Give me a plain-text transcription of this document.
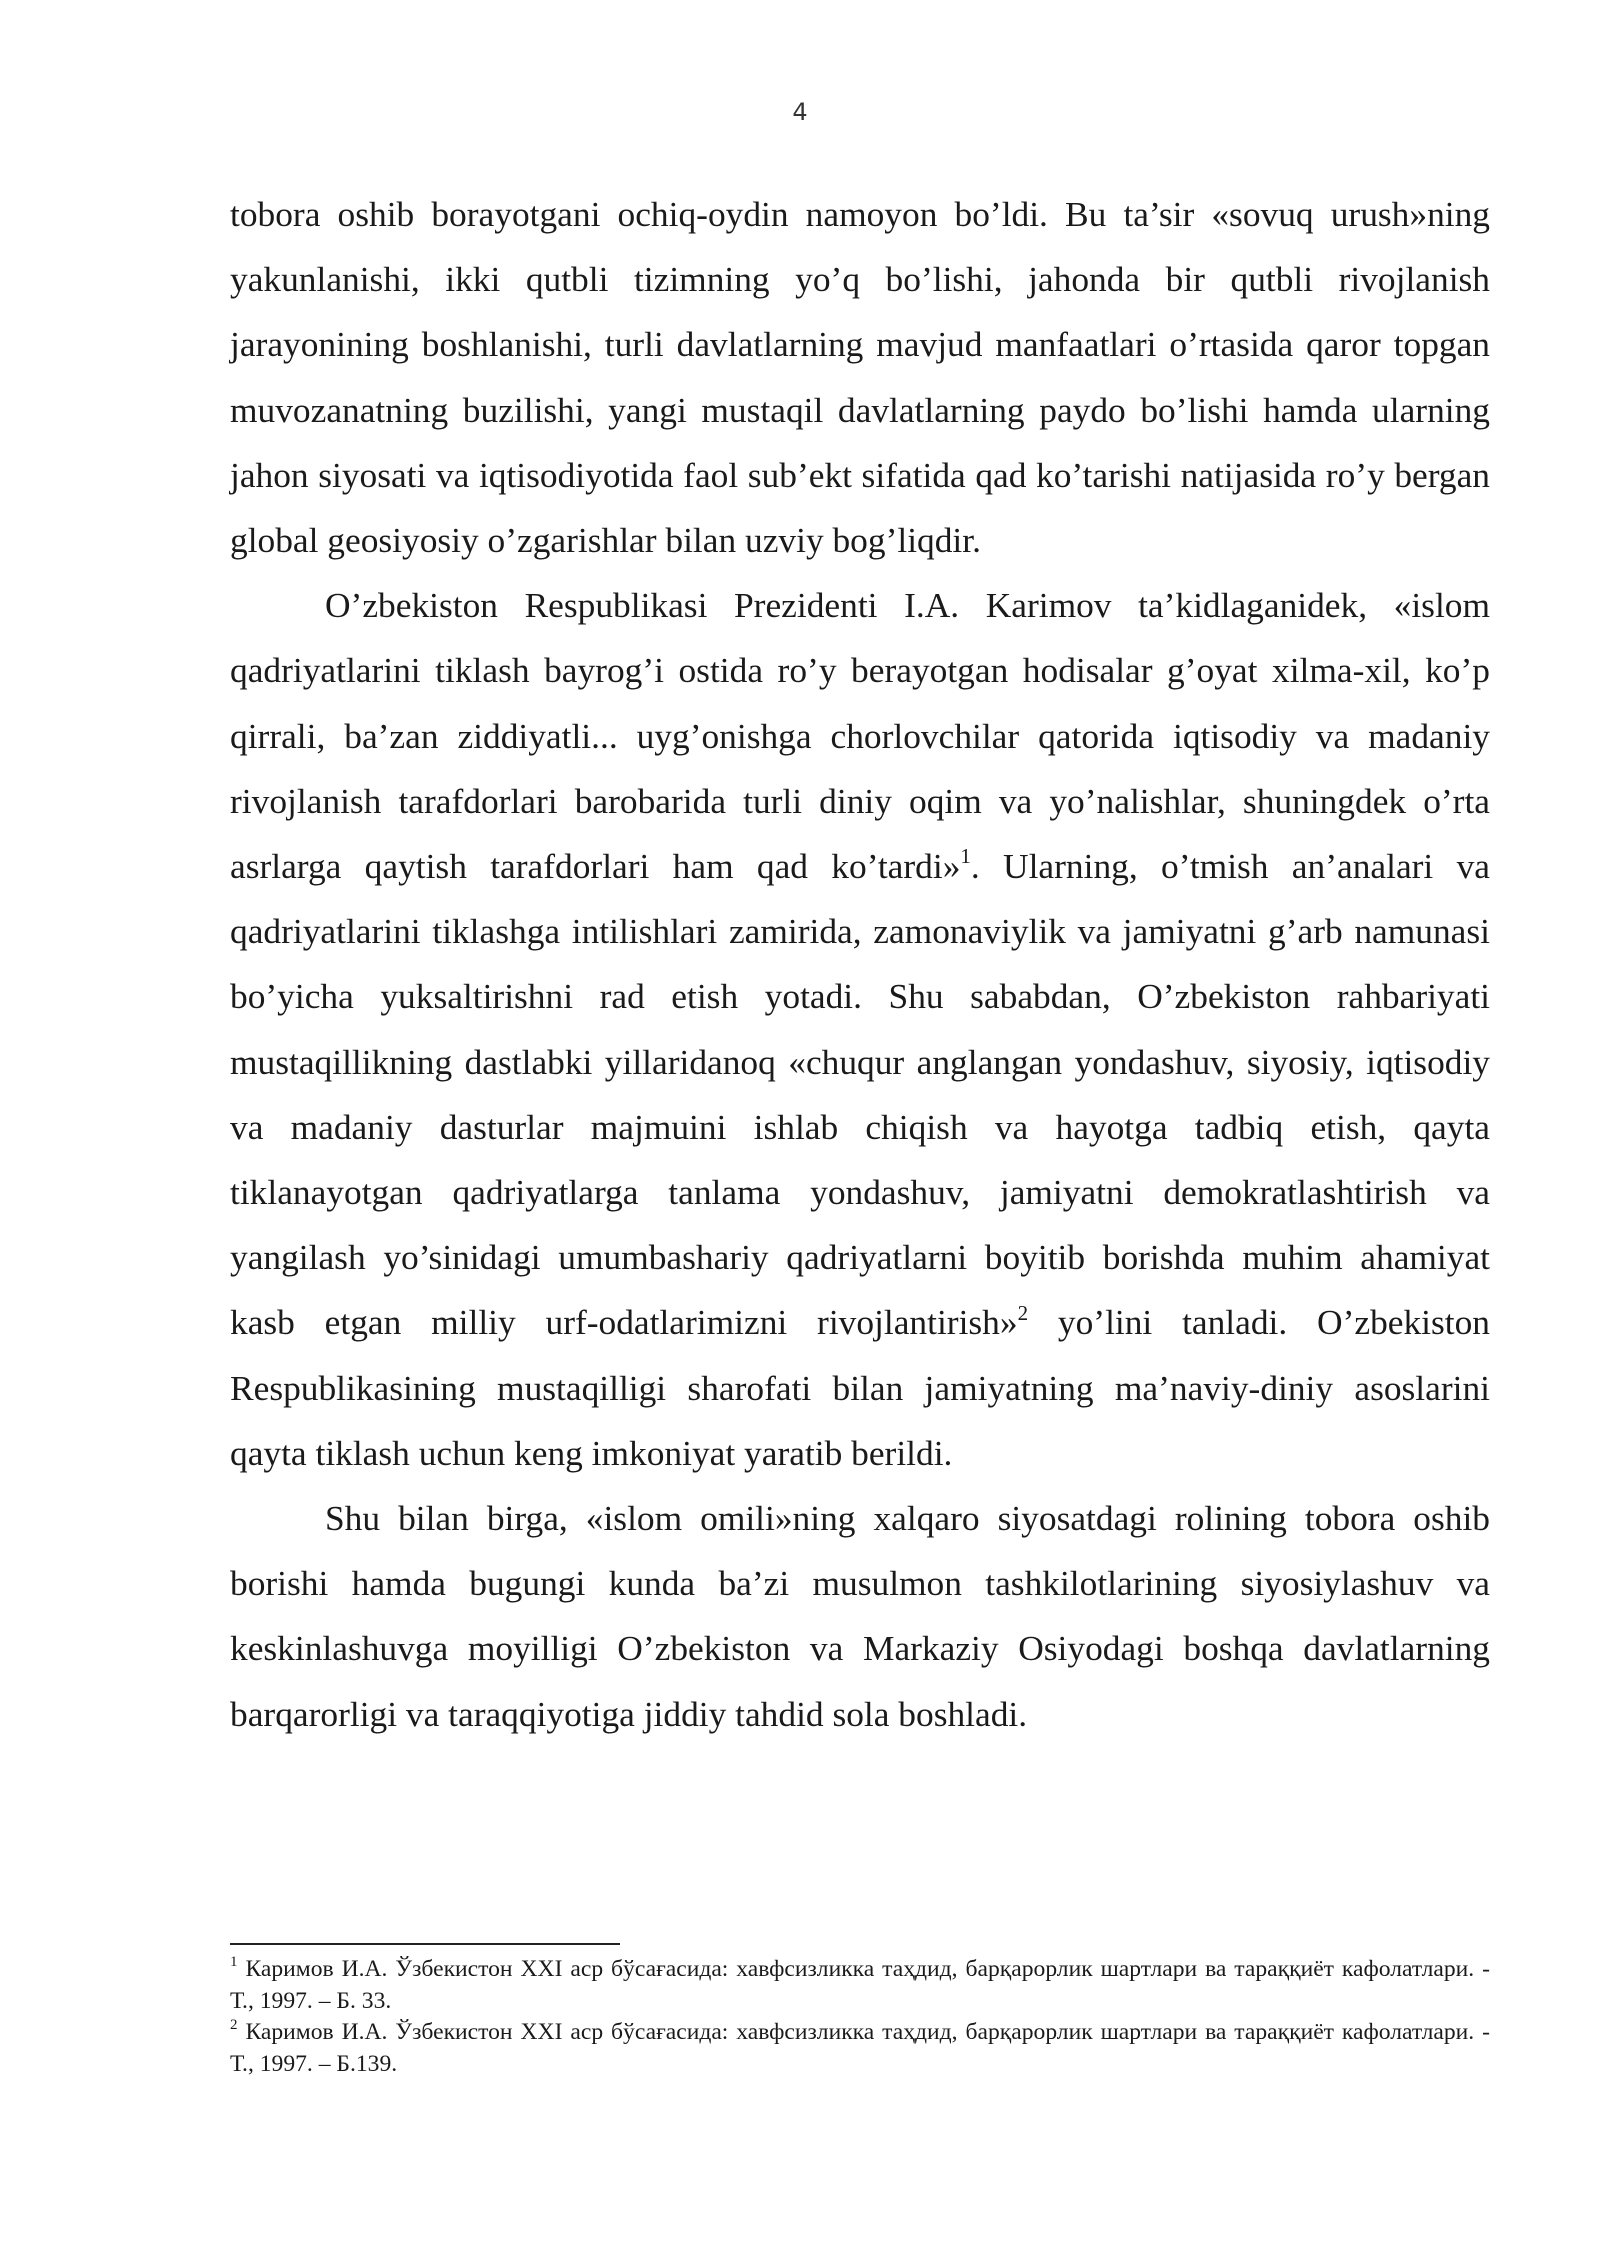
4

tobora oshib borayotgani ochiq-oydin namoyon bo’ldi. Bu ta’sir «sovuq urush»ning yakunlanishi, ikki qutbli tizimning yo’q bo’lishi, jahonda bir qutbli rivojlanish jarayonining boshlanishi, turli davlatlarning mavjud manfaatlari o’rtasida qaror topgan muvozanatning buzilishi, yangi mustaqil davlatlarning paydo bo’lishi hamda ularning jahon siyosati va iqtisodiyotida faol sub’ekt sifatida qad ko’tarishi natijasida ro’y bergan global geosiyosiy o’zgarishlar bilan uzviy bog’liqdir.

O’zbekiston Respublikasi Prezidenti I.A. Karimov ta’kidlaganidek, «islom qadriyatlarini tiklash bayrog’i ostida ro’y berayotgan hodisalar g’oyat xilma-xil, ko’p qirrali, ba’zan ziddiyatli... uyg’onishga chorlovchilar qatorida iqtisodiy va madaniy rivojlanish tarafdorlari barobarida turli diniy oqim va yo’nalishlar, shuningdek o’rta asrlarga qaytish tarafdorlari ham qad ko’tardi»$^1$. Ularning, o’tmish an’analari va qadriyatlarini tiklashga intilishlari zamirida, zamonaviylik va jamiyatni g’arb namunasi bo’yicha yuksaltirishni rad etish yotadi. Shu sababdan, O’zbekiston rahbariyati mustaqillikning dastlabki yillaridanoq «chuqur anglangan yondashuv, siyosiy, iqtisodiy va madaniy dasturlar majmuini ishlab chiqish va hayotga tadbiq etish, qayta tiklanayotgan qadriyatlarga tanlama yondashuv, jamiyatni demokratlashtirish va yangilash yo’sinidagi umumbashariy qadriyatlarni boyitib borishda muhim ahamiyat kasb etgan milliy urf-odatlarimizni rivojlantirish»$^2$ yo’lini tanladi. O’zbekiston Respublikasining mustaqilligi sharofati bilan jamiyatning ma’naviy-diniy asoslarini qayta tiklash uchun keng imkoniyat yaratib berildi.

Shu bilan birga, «islom omili»ning xalqaro siyosatdagi rolining tobora oshib borishi hamda bugungi kunda ba’zi musulmon tashkilotlarining siyosiylashuv va keskinlashuvga moyilligi O’zbekiston va Markaziy Osiyodagi boshqa davlatlarning barqarorligi va taraqqiyotiga jiddiy tahdid sola boshladi.

$^1$ Каримов И.А. Ўзбекистон XXI аср бўсағасида: хавфсизликка таҳдид, барқарорлик шартлари ва тараққиёт кафолатлари. - Т., 1997. – Б. 33.

$^2$ Каримов И.А. Ўзбекистон XXI аср бўсағасида: хавфсизликка таҳдид, барқарорлик шартлари ва тараққиёт кафолатлари. - Т., 1997. – Б.139.
